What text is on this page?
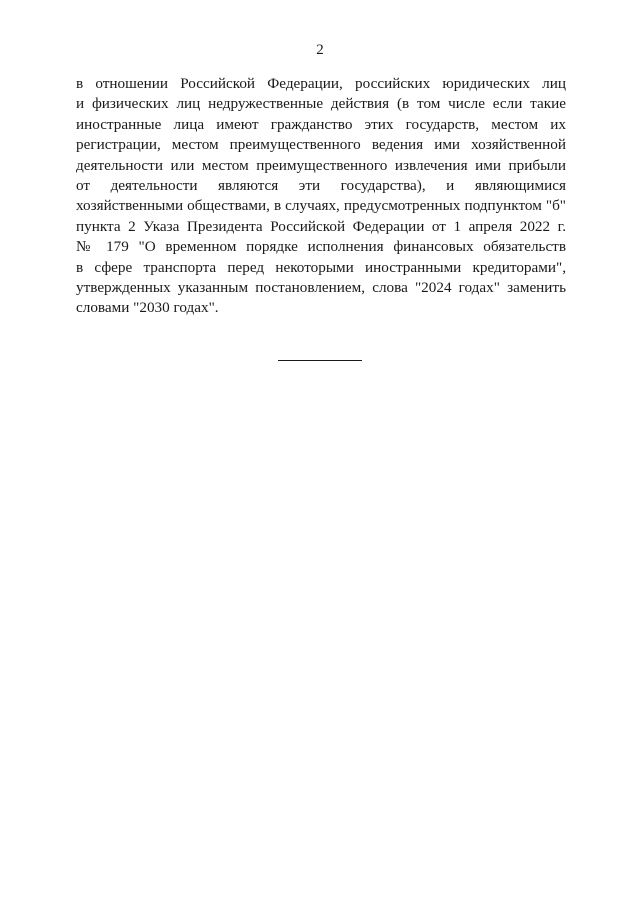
2
в отношении Российской Федерации, российских юридических лиц
и физических лиц недружественные действия (в том числе если такие
иностранные лица имеют гражданство этих государств, местом их
регистрации, местом преимущественного ведения ими хозяйственной
деятельности или местом преимущественного извлечения ими прибыли
от деятельности являются эти государства), и являющимися
хозяйственными обществами, в случаях, предусмотренных подпунктом "б"
пункта 2 Указа Президента Российской Федерации от 1 апреля 2022 г.
№ 179 "О временном порядке исполнения финансовых обязательств
в сфере транспорта перед некоторыми иностранными кредиторами",
утвержденных указанным постановлением, слова "2024 годах" заменить
словами "2030 годах".
